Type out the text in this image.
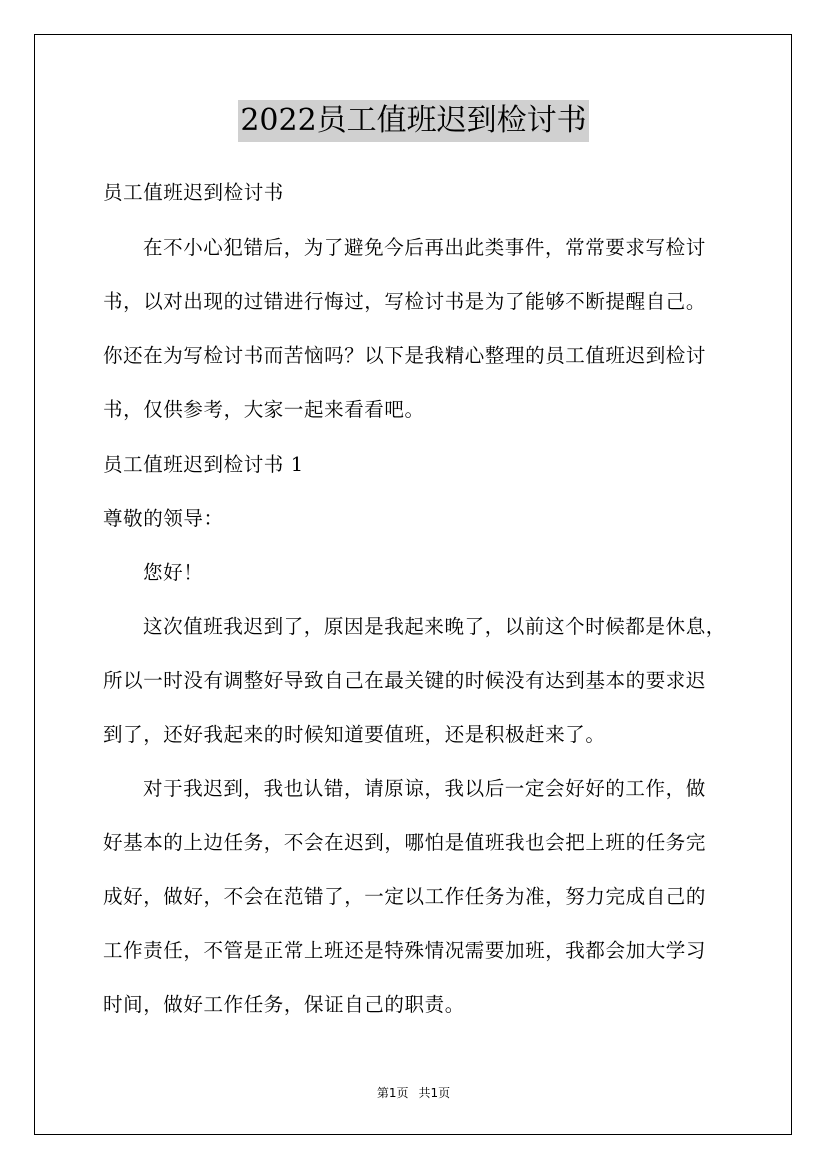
2022员工值班迟到检讨书
员工值班迟到检讨书
在不小心犯错后，为了避免今后再出此类事件，常常要求写检讨
书，以对出现的过错进行悔过，写检讨书是为了能够不断提醒自己。
你还在为写检讨书而苦恼吗？以下是我精心整理的员工值班迟到检讨
书，仅供参考，大家一起来看看吧。
员工值班迟到检讨书 1
尊敬的领导：
您好！
这次值班我迟到了，原因是我起来晚了，以前这个时候都是休息，
所以一时没有调整好导致自己在最关键的时候没有达到基本的要求迟
到了，还好我起来的时候知道要值班，还是积极赶来了。
对于我迟到，我也认错，请原谅，我以后一定会好好的工作，做
好基本的上边任务，不会在迟到，哪怕是值班我也会把上班的任务完
成好，做好，不会在范错了，一定以工作任务为准，努力完成自己的
工作责任，不管是正常上班还是特殊情况需要加班，我都会加大学习
时间，做好工作任务，保证自己的职责。
第1页 共1页
